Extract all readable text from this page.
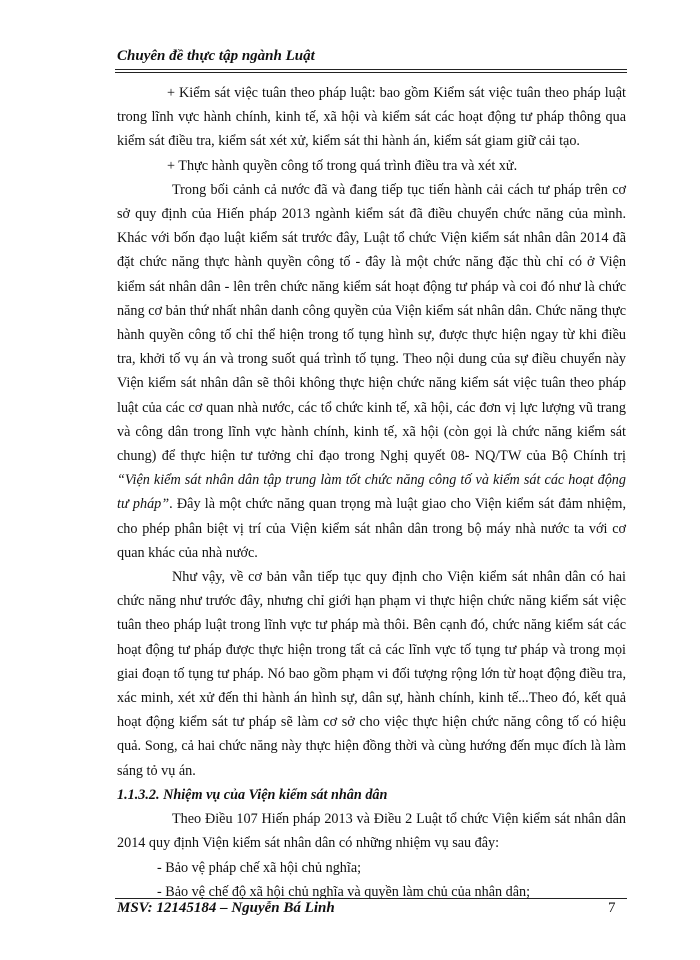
Chuyên đề thực tập ngành Luật

+ Kiểm sát việc tuân theo pháp luật: bao gồm Kiểm sát việc tuân theo pháp luật trong lĩnh vực hành chính, kinh tế, xã hội và kiểm sát các hoạt động tư pháp thông qua kiểm sát điều tra, kiểm sát xét xử, kiểm sát thi hành án, kiểm sát giam giữ cải tạo.

+ Thực hành quyền công tố trong quá trình điều tra và xét xử.

Trong bối cảnh cả nước đã và đang tiếp tục tiến hành cải cách tư pháp trên cơ sở quy định của Hiến pháp 2013 ngành kiểm sát đã điều chuyển chức năng của mình. Khác với bốn đạo luật kiểm sát trước đây, Luật tổ chức Viện kiểm sát nhân dân 2014 đã đặt chức năng thực hành quyền công tố - đây là một chức năng đặc thù chỉ có ở Viện kiểm sát nhân dân - lên trên chức năng kiểm sát hoạt động tư pháp và coi đó như là chức năng cơ bản thứ nhất nhân danh công quyền của Viện kiểm sát nhân dân. Chức năng thực hành quyền công tố chỉ thể hiện trong tố tụng hình sự, được thực hiện ngay từ khi điều tra, khởi tố vụ án và trong suốt quá trình tố tụng. Theo nội dung của sự điều chuyển này Viện kiểm sát nhân dân sẽ thôi không thực hiện chức năng kiểm sát việc tuân theo pháp luật của các cơ quan nhà nước, các tổ chức kinh tế, xã hội, các đơn vị lực lượng vũ trang và công dân trong lĩnh vực hành chính, kinh tế, xã hội (còn gọi là chức năng kiểm sát chung) để thực hiện tư tưởng chỉ đạo trong Nghị quyết 08- NQ/TW của Bộ Chính trị “Viện kiểm sát nhân dân tập trung làm tốt chức năng công tố và kiểm sát các hoạt động tư pháp”. Đây là một chức năng quan trọng mà luật giao cho Viện kiểm sát đảm nhiệm, cho phép phân biệt vị trí của Viện kiểm sát nhân dân trong bộ máy nhà nước ta với cơ quan khác của nhà nước.

Như vậy, về cơ bản vẫn tiếp tục quy định cho Viện kiểm sát nhân dân có hai chức năng như trước đây, nhưng chỉ giới hạn phạm vi thực hiện chức năng kiểm sát việc tuân theo pháp luật trong lĩnh vực tư pháp mà thôi. Bên cạnh đó, chức năng kiểm sát các hoạt động tư pháp được thực hiện trong tất cả các lĩnh vực tố tụng tư pháp và trong mọi giai đoạn tố tụng tư pháp. Nó bao gồm phạm vi đối tượng rộng lớn từ hoạt động điều tra, xác minh, xét xử đến thi hành án hình sự, dân sự, hành chính, kinh tế...Theo đó, kết quả hoạt động kiểm sát tư pháp sẽ làm cơ sở cho việc thực hiện chức năng công tố có hiệu quả. Song, cả hai chức năng này thực hiện đồng thời và cùng hướng đến mục đích là làm sáng tỏ vụ án.

1.1.3.2. Nhiệm vụ của Viện kiểm sát nhân dân

Theo Điều 107 Hiến pháp 2013 và Điều 2 Luật tổ chức Viện kiểm sát nhân dân 2014 quy định Viện kiểm sát nhân dân có những nhiệm vụ sau đây:

- Bảo vệ pháp chế xã hội chủ nghĩa;

- Bảo vệ chế độ xã hội chủ nghĩa và quyền làm chủ của nhân dân;

MSV: 12145184 – Nguyễn Bá Linh	7
